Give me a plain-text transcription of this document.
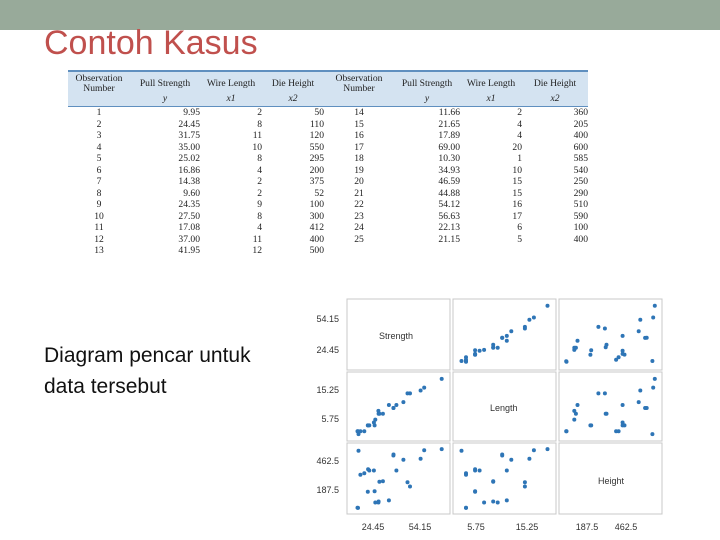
Contoh Kasus
Observation Number	Pull Strength	Wire Length	Die Height	Observation Number	Pull Strength	Wire Length	Die Height
	y	x1	x2		y	x1	x2
1	9.95	2	50	14	11.66	2	360
2	24.45	8	110	15	21.65	4	205
3	31.75	11	120	16	17.89	4	400
4	35.00	10	550	17	69.00	20	600
5	25.02	8	295	18	10.30	1	585
6	16.86	4	200	19	34.93	10	540
7	14.38	2	375	20	46.59	15	250
8	9.60	2	52	21	44.88	15	290
9	24.35	9	100	22	54.12	16	510
10	27.50	8	300	23	56.63	17	590
11	17.08	4	412	24	22.13	6	100
12	37.00	11	400	25	21.15	5	400
13	41.95	12	500				
Diagram pencar untuk
data tersebut
Strength
Length
Height
54.15
24.45
15.25
5.75
462.5
187.5
24.45	54.15	5.75	15.25	187.5 462.5
